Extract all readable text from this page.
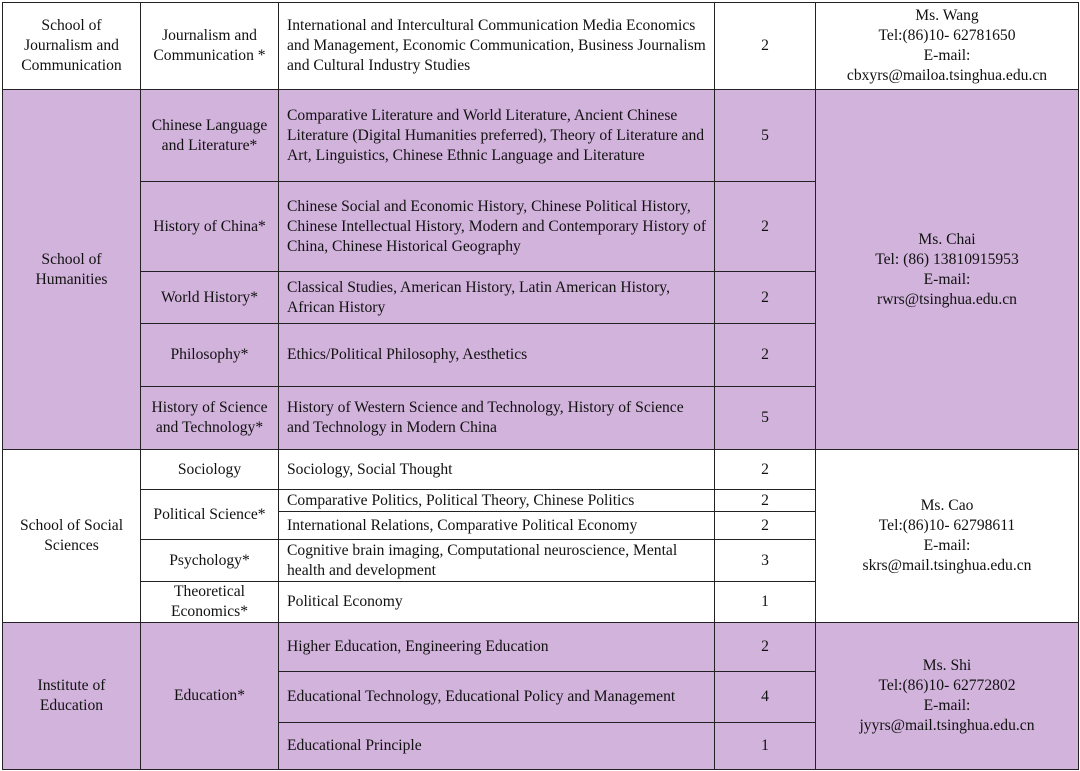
School of Journalism and Communication	Journalism and Communication *	International and Intercultural Communication Media Economics and Management, Economic Communication, Business Journalism and Cultural Industry Studies	2	Ms. Wang
Tel:(86)10- 62781650
E-mail:
cbxyrs@mailoa.tsinghua.edu.cn

School of Humanities	Chinese Language and Literature*	Comparative Literature and World Literature, Ancient Chinese Literature (Digital Humanities preferred), Theory of Literature and Art, Linguistics, Chinese Ethnic Language and Literature	5	Ms. Chai
Tel: (86) 13810915953
E-mail:
rwrs@tsinghua.edu.cn

	History of China*	Chinese Social and Economic History, Chinese Political History, Chinese Intellectual History, Modern and Contemporary History of China, Chinese Historical Geography	2	
	World History*	Classical Studies, American History, Latin American History, African History	2	
	Philosophy*	Ethics/Political Philosophy, Aesthetics	2	
	History of Science and Technology*	History of Western Science and Technology, History of Science and Technology in Modern China	5	
School of Social Sciences	Sociology	Sociology, Social Thought	2	Ms. Cao
Tel:(86)10- 62798611
E-mail:
skrs@mail.tsinghua.edu.cn

	Political Science*	Comparative Politics, Political Theory, Chinese Politics	2	
		International Relations, Comparative Political Economy	2	
	Psychology*	Cognitive brain imaging, Computational neuroscience, Mental health and development	3	
	Theoretical Economics*	Political Economy	1	
Institute of Education	Education*	Higher Education, Engineering Education	2	Ms. Shi
Tel:(86)10- 62772802
E-mail:
jyyrs@mail.tsinghua.edu.cn

		Educational Technology, Educational Policy and Management	4	
		Educational Principle	1	
